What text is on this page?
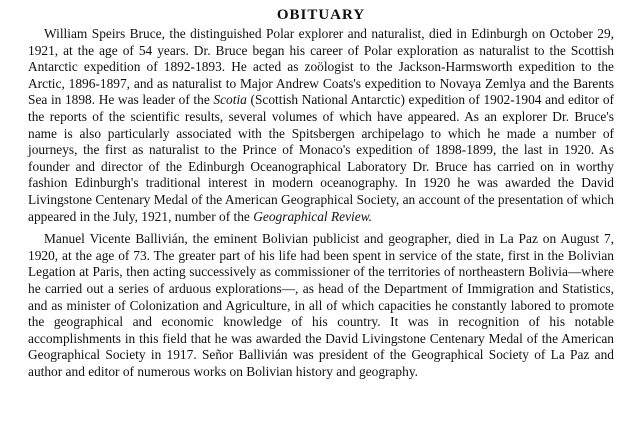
OBITUARY

William Speirs Bruce, the distinguished Polar explorer and naturalist, died in Edinburgh on October 29, 1921, at the age of 54 years. Dr. Bruce began his career of Polar exploration as naturalist to the Scottish Antarctic expedition of 1892-1893. He acted as zoölogist to the Jackson-Harmsworth expedition to the Arctic, 1896-1897, and as naturalist to Major Andrew Coats's expedition to Novaya Zemlya and the Barents Sea in 1898. He was leader of the Scotia (Scottish National Antarctic) expedition of 1902-1904 and editor of the reports of the scientific results, several volumes of which have appeared. As an explorer Dr. Bruce's name is also particularly associated with the Spitsbergen archipelago to which he made a number of journeys, the first as naturalist to the Prince of Monaco's expedition of 1898-1899, the last in 1920. As founder and director of the Edinburgh Oceanographical Laboratory Dr. Bruce has carried on in worthy fashion Edinburgh's traditional interest in modern oceanography. In 1920 he was awarded the David Livingstone Centenary Medal of the American Geographical Society, an account of the presentation of which appeared in the July, 1921, number of the Geographical Review.

Manuel Vicente Ballivián, the eminent Bolivian publicist and geographer, died in La Paz on August 7, 1920, at the age of 73. The greater part of his life had been spent in service of the state, first in the Bolivian Legation at Paris, then acting successively as commissioner of the territories of northeastern Bolivia—where he carried out a series of arduous explorations—, as head of the Department of Immigration and Statistics, and as minister of Colonization and Agriculture, in all of which capacities he constantly labored to promote the geographical and economic knowledge of his country. It was in recognition of his notable accomplishments in this field that he was awarded the David Livingstone Centenary Medal of the American Geographical Society in 1917. Señor Ballivián was president of the Geographical Society of La Paz and author and editor of numerous works on Bolivian history and geography.
